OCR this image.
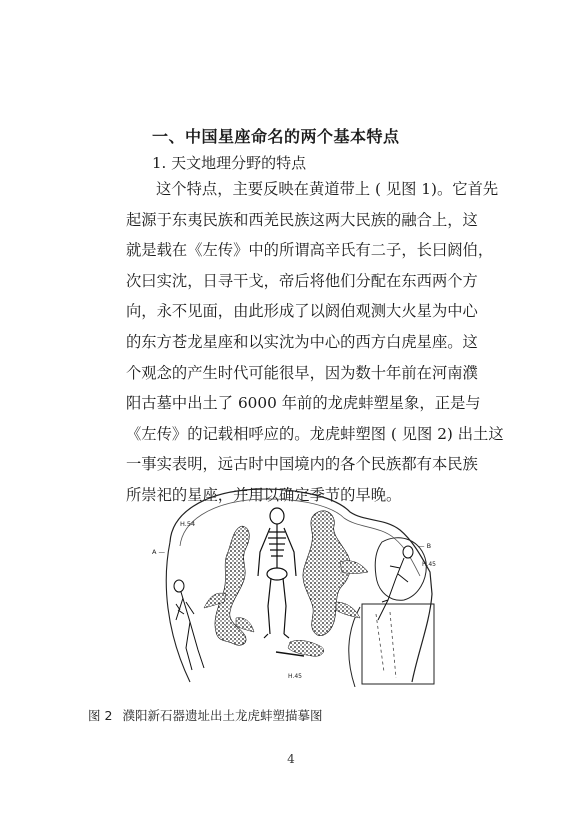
一、中国星座命名的两个基本特点
1. 天文地理分野的特点
这个特点，主要反映在黄道带上 ( 见图 1)。它首先
起源于东夷民族和西羌民族这两大民族的融合上，这
就是载在《左传》中的所谓高辛氏有二子，长曰阏伯，
次曰实沈，日寻干戈，帝后将他们分配在东西两个方
向，永不见面，由此形成了以阏伯观测大火星为中心
的东方苍龙星座和以实沈为中心的西方白虎星座。这
个观念的产生时代可能很早，因为数十年前在河南濮
阳古墓中出土了 6000 年前的龙虎蚌塑星象，正是与
《左传》的记载相呼应的。龙虎蚌塑图 ( 见图 2) 出土这
一事实表明，远古时中国境内的各个民族都有本民族
所崇祀的星座，并用以确定季节的早晚。
H.54
A —
— B
H.45
H.45
图 2 濮阳新石器遗址出土龙虎蚌塑描摹图
4
